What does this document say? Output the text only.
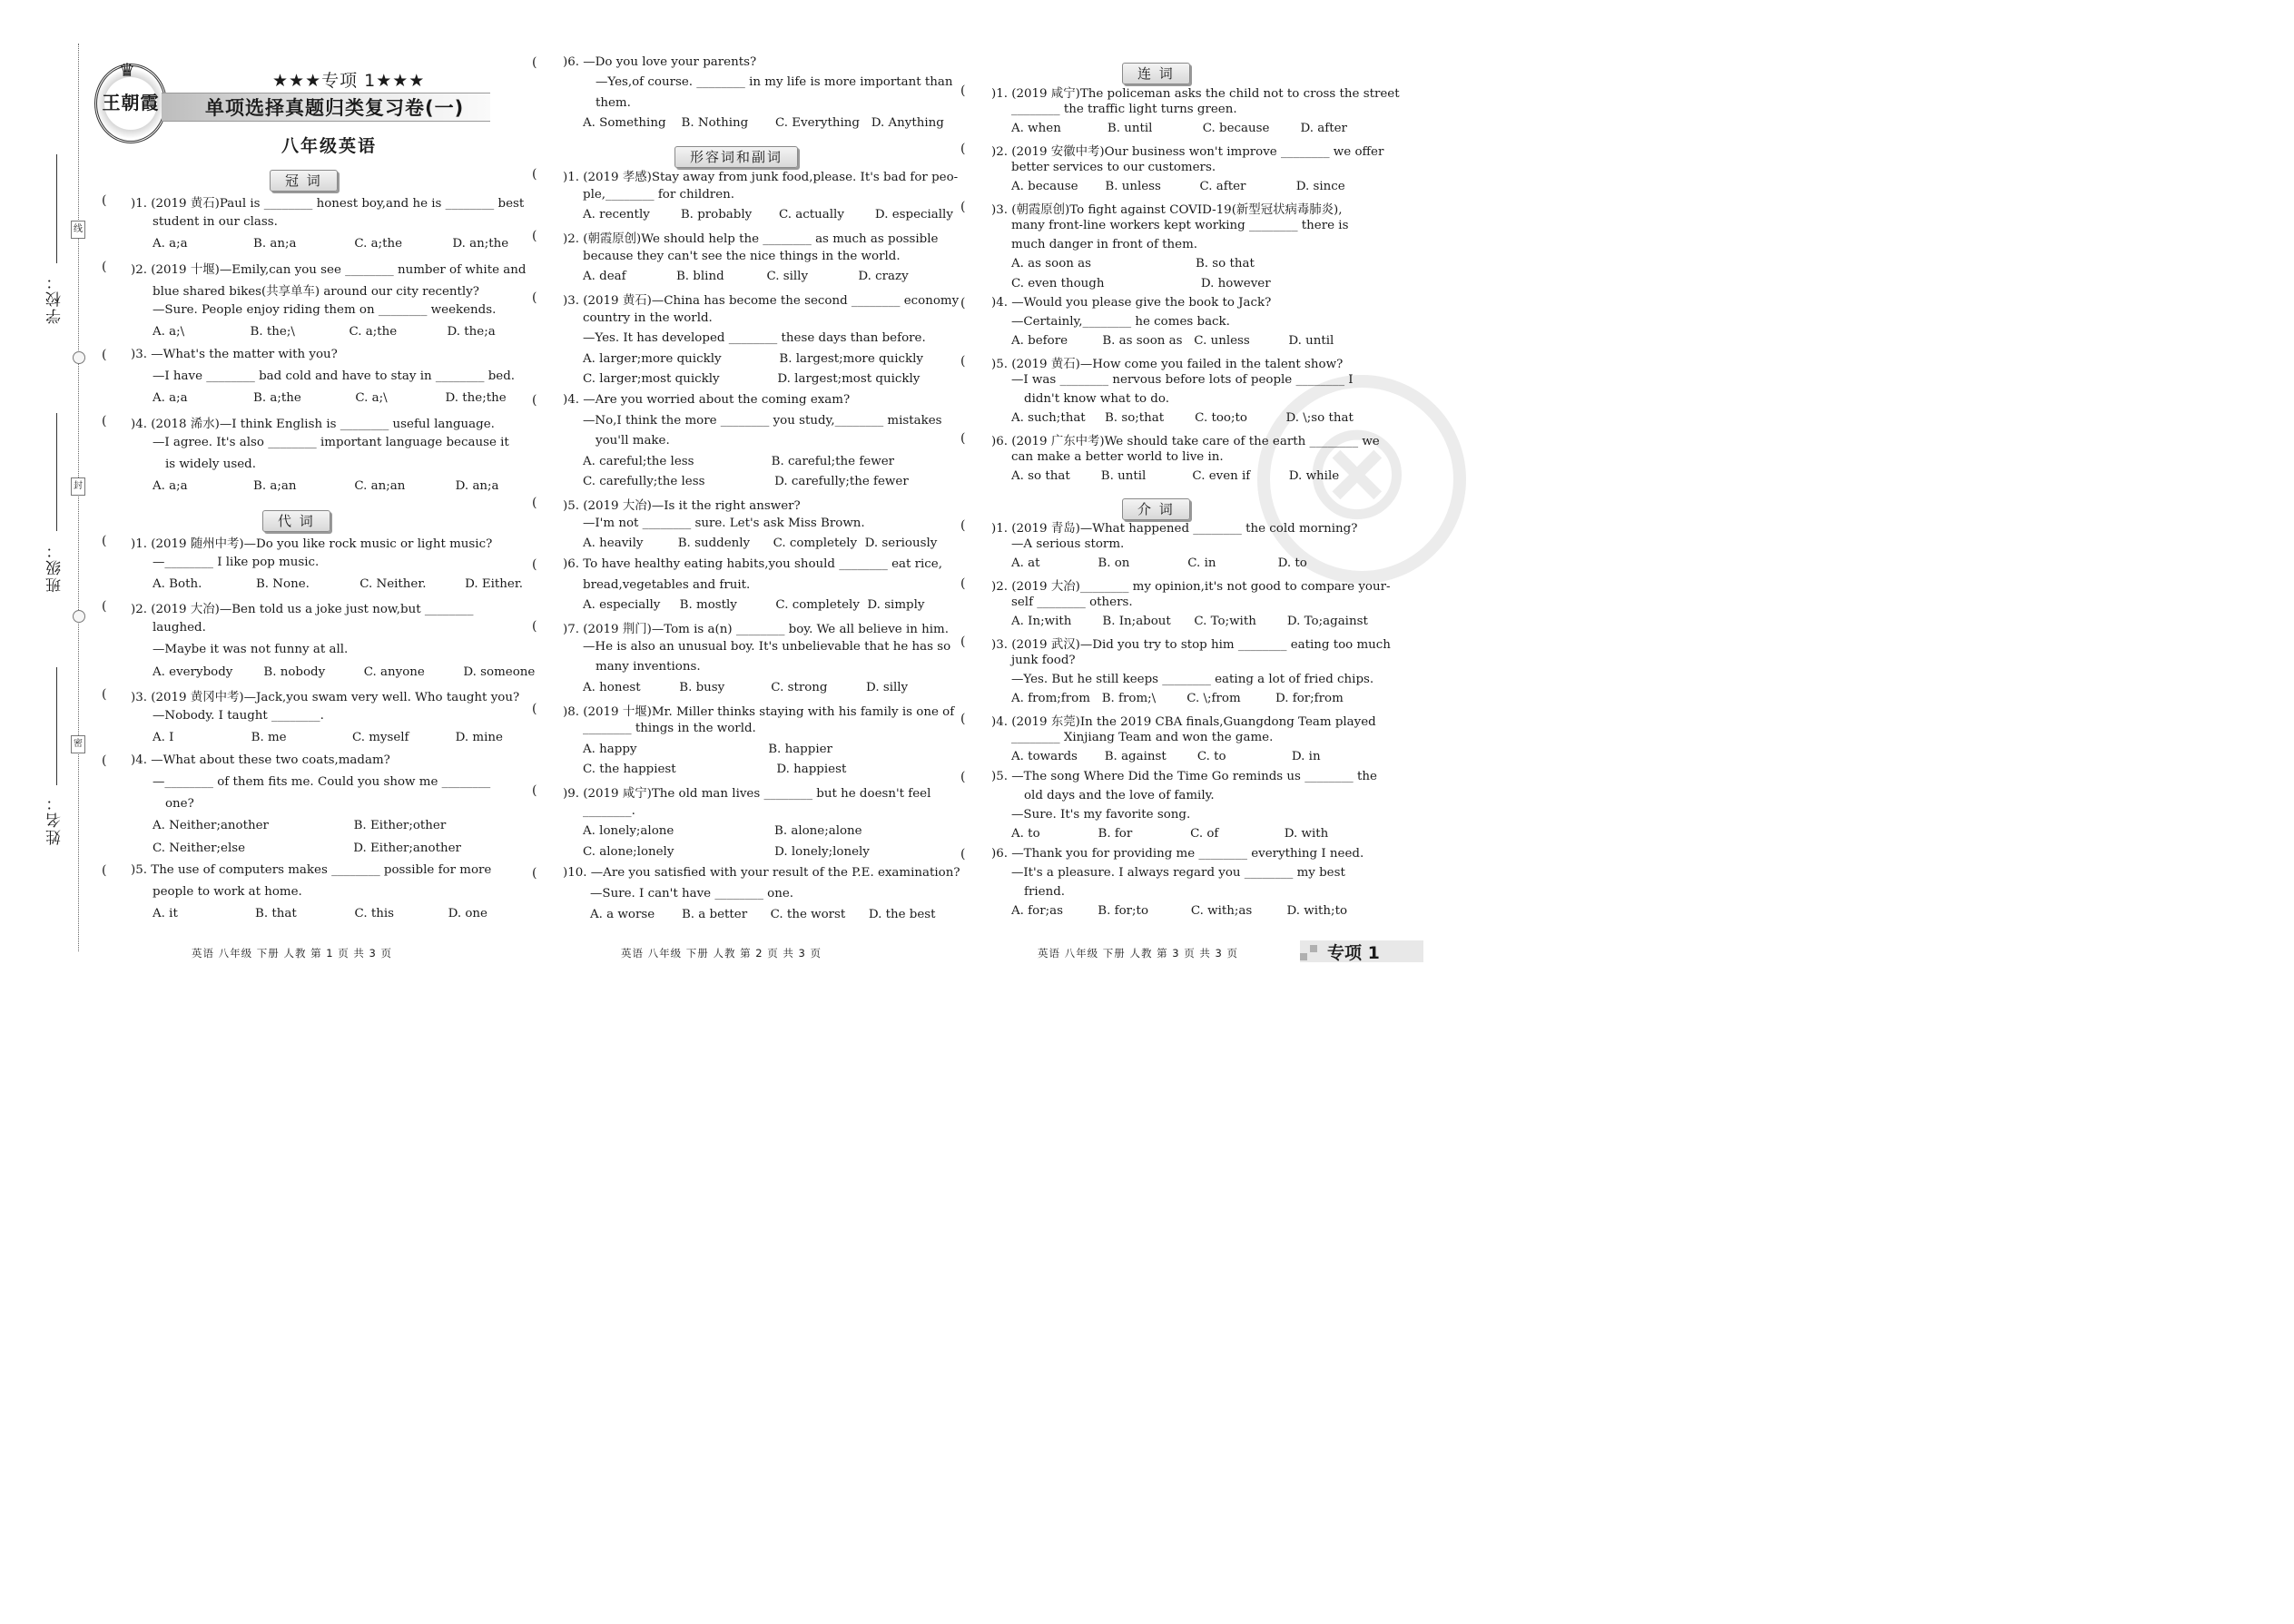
学校：
班级：
姓名：
线
封
密
♛
王朝霞
★★★专项 1★★★
单项选择真题归类复习卷(一)
八年级英语
冠 词
代 词
形容词和副词
连 词
介 词 ⊗
( )1. (2019 黄石)Paul is ________ honest boy,and he is ________ best
student in our class.
A. a;a                 B. an;a               C. a;the             D. an;the
( )2. (2019 十堰)—Emily,can you see ________ number of white and
blue shared bikes(共享单车) around our city recently?
—Sure. People enjoy riding them on ________ weekends.
A. a;\                 B. the;\              C. a;the             D. the;a
( )3. —What's the matter with you?
—I have ________ bad cold and have to stay in ________ bed.
A. a;a                 B. a;the              C. a;\               D. the;the
( )4. (2018 浠水)—I think English is ________ useful language.
—I agree. It's also ________ important language because it
is widely used.
A. a;a                 B. a;an               C. an;an             D. an;a
( )1. (2019 随州中考)—Do you like rock music or light music?
—________ I like pop music.
A. Both.              B. None.             C. Neither.          D. Either.
( )2. (2019 大冶)—Ben told us a joke just now,but ________
laughed.
—Maybe it was not funny at all.
A. everybody        B. nobody          C. anyone          D. someone
( )3. (2019 黄冈中考)—Jack,you swam very well. Who taught you?
—Nobody. I taught ________.
A. I                    B. me                 C. myself            D. mine
( )4. —What about these two coats,madam?
—________ of them fits me. Could you show me ________
one?
A. Neither;another                      B. Either;other
C. Neither;else                            D. Either;another
( )5. The use of computers makes ________ possible for more
people to work at home.
A. it                    B. that               C. this              D. one
( )6. —Do you love your parents?
—Yes,of course. ________ in my life is more important than
them.
A. Something    B. Nothing       C. Everything   D. Anything
( )1. (2019 孝感)Stay away from junk food,please. It's bad for peo-
ple,________ for children.
A. recently        B. probably       C. actually        D. especially
( )2. (朝霞原创)We should help the ________ as much as possible
because they can't see the nice things in the world.
A. deaf             B. blind           C. silly             D. crazy
( )3. (2019 黄石)—China has become the second ________ economy
country in the world.
—Yes. It has developed ________ these days than before.
A. larger;more quickly               B. largest;more quickly
C. larger;most quickly               D. largest;most quickly
( )4. —Are you worried about the coming exam?
—No,I think the more ________ you study,________ mistakes
you'll make.
A. careful;the less                    B. careful;the fewer
C. carefully;the less                  D. carefully;the fewer
( )5. (2019 大冶)—Is it the right answer?
—I'm not ________ sure. Let's ask Miss Brown.
A. heavily         B. suddenly      C. completely  D. seriously
( )6. To have healthy eating habits,you should ________ eat rice,
bread,vegetables and fruit.
A. especially     B. mostly          C. completely  D. simply
( )7. (2019 荆门)—Tom is a(n) ________ boy. We all believe in him.
—He is also an unusual boy. It's unbelievable that he has so
many inventions.
A. honest          B. busy            C. strong          D. silly
( )8. (2019 十堰)Mr. Miller thinks staying with his family is one of
________ things in the world.
A. happy                                  B. happier
C. the happiest                          D. happiest
( )9. (2019 咸宁)The old man lives ________ but he doesn't feel
________.
A. lonely;alone                          B. alone;alone
C. alone;lonely                          D. lonely;lonely
( )10. —Are you satisfied with your result of the P.E. examination?
—Sure. I can't have ________ one.
A. a worse       B. a better      C. the worst      D. the best
( )1. (2019 咸宁)The policeman asks the child not to cross the street
________ the traffic light turns green.
A. when            B. until             C. because        D. after
( )2. (2019 安徽中考)Our business won't improve ________ we offer
better services to our customers.
A. because       B. unless          C. after             D. since
( )3. (朝霞原创)To fight against COVID-19(新型冠状病毒肺炎),
many front-line workers kept working ________ there is
much danger in front of them.
A. as soon as                           B. so that
C. even though                         D. however
( )4. —Would you please give the book to Jack?
—Certainly,________ he comes back.
A. before         B. as soon as   C. unless          D. until
( )5. (2019 黄石)—How come you failed in the talent show?
—I was ________ nervous before lots of people ________ I
didn't know what to do.
A. such;that     B. so;that        C. too;to          D. \;so that
( )6. (2019 广东中考)We should take care of the earth ________ we
can make a better world to live in.
A. so that        B. until            C. even if          D. while
( )1. (2019 青岛)—What happened ________ the cold morning?
—A serious storm.
A. at               B. on               C. in                D. to
( )2. (2019 大冶)________ my opinion,it's not good to compare your-
self ________ others.
A. In;with        B. In;about      C. To;with        D. To;against
( )3. (2019 武汉)—Did you try to stop him ________ eating too much
junk food?
—Yes. But he still keeps ________ eating a lot of fried chips.
A. from;from   B. from;\        C. \;from         D. for;from
( )4. (2019 东莞)In the 2019 CBA finals,Guangdong Team played
________ Xinjiang Team and won the game.
A. towards       B. against        C. to                 D. in
( )5. —The song Where Did the Time Go reminds us ________ the
old days and the love of family.
—Sure. It's my favorite song.
A. to               B. for               C. of                 D. with
( )6. —Thank you for providing me ________ everything I need.
—It's a pleasure. I always regard you ________ my best
friend.
A. for;as         B. for;to           C. with;as         D. with;to
英语 八年级 下册 人教 第 1 页 共 3 页	英语 八年级 下册 人教 第 2 页 共 3 页	英语 八年级 下册 人教 第 3 页 共 3 页	专项 1
